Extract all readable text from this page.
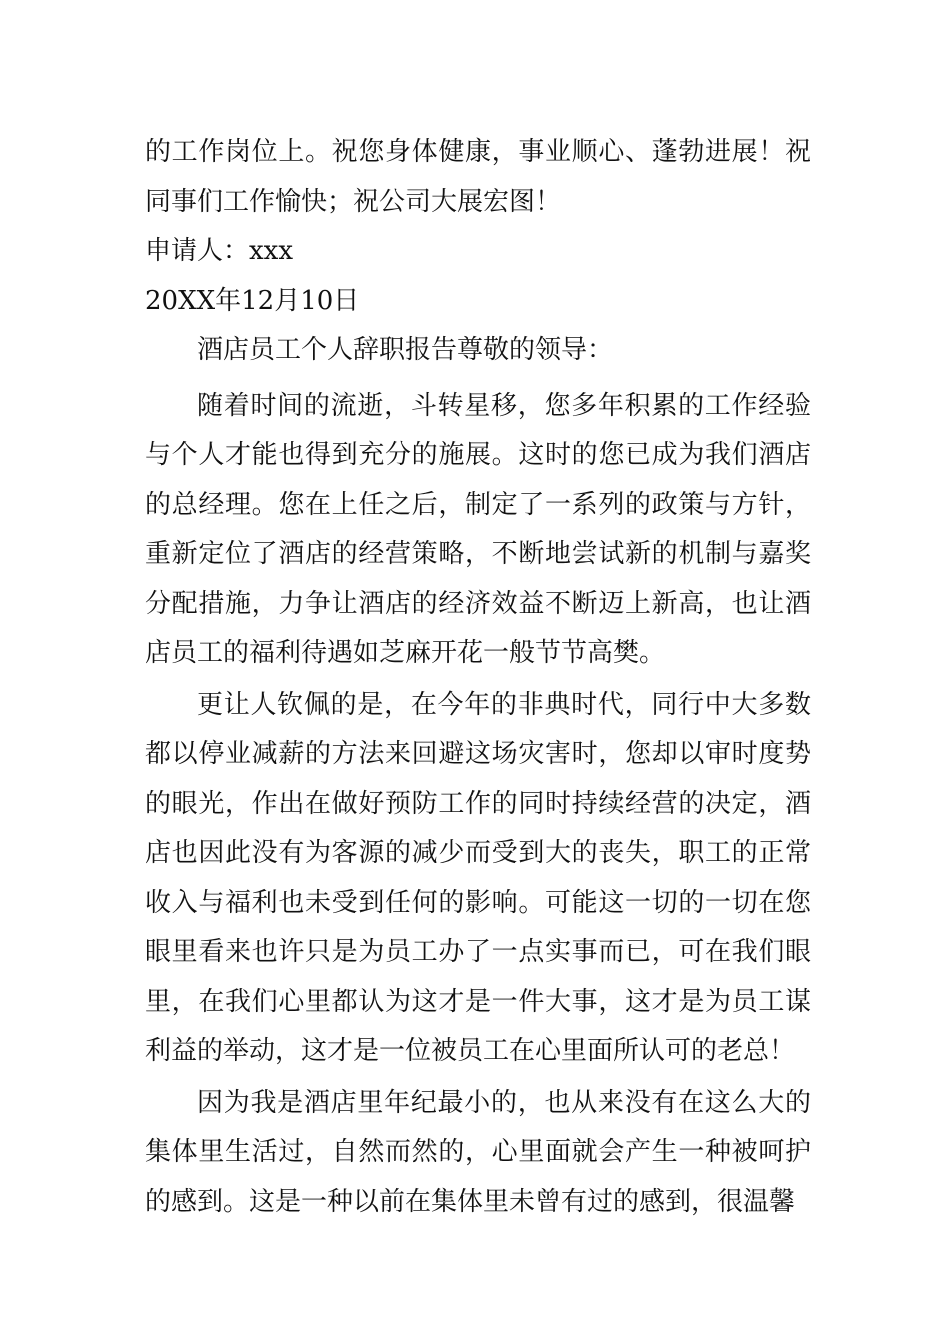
的工作岗位上。祝您身体健康，事业顺心、蓬勃进展！祝同事们工作愉快；祝公司大展宏图！

申请人：xxx

20XX年12月10日

酒店员工个人辞职报告尊敬的领导：

随着时间的流逝，斗转星移，您多年积累的工作经验与个人才能也得到充分的施展。这时的您已成为我们酒店的总经理。您在上任之后，制定了一系列的政策与方针，重新定位了酒店的经营策略，不断地尝试新的机制与嘉奖分配措施，力争让酒店的经济效益不断迈上新高，也让酒店员工的福利待遇如芝麻开花一般节节高樊。

更让人钦佩的是，在今年的非典时代，同行中大多数都以停业减薪的方法来回避这场灾害时，您却以审时度势的眼光，作出在做好预防工作的同时持续经营的决定，酒店也因此没有为客源的减少而受到大的丧失，职工的正常收入与福利也未受到任何的影响。可能这一切的一切在您眼里看来也许只是为员工办了一点实事而已，可在我们眼里，在我们心里都认为这才是一件大事，这才是为员工谋利益的举动，这才是一位被员工在心里面所认可的老总！

因为我是酒店里年纪最小的，也从来没有在这么大的集体里生活过，自然而然的，心里面就会产生一种被呵护的感到。这是一种以前在集体里未曾有过的感到，很温馨
